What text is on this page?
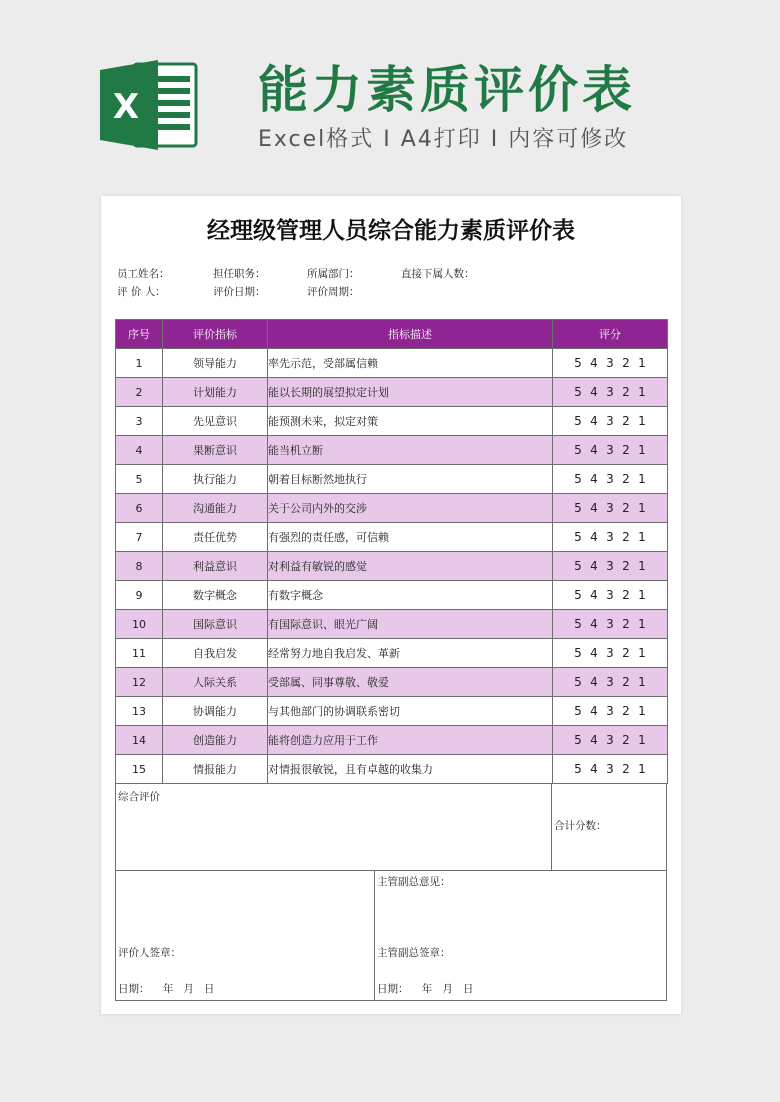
X 能力素质评价表
Excel格式 I A4打印 I 内容可修改
经理级管理人员综合能力素质评价表
员工姓名：	担任职务：	所属部门：	直接下属人数：
评 价 人：	评价日期：	评价周期：
序号	评价指标	指标描述	评分
1	领导能力	率先示范，受部属信赖	5 4 3 2 1
2	计划能力	能以长期的展望拟定计划	5 4 3 2 1
3	先见意识	能预测未来，拟定对策	5 4 3 2 1
4	果断意识	能当机立断	5 4 3 2 1
5	执行能力	朝着目标断然地执行	5 4 3 2 1
6	沟通能力	关于公司内外的交涉	5 4 3 2 1
7	责任优势	有强烈的责任感，可信赖	5 4 3 2 1
8	利益意识	对利益有敏锐的感觉	5 4 3 2 1
9	数字概念	有数字概念	5 4 3 2 1
10	国际意识	有国际意识、眼光广阔	5 4 3 2 1
11	自我启发	经常努力地自我启发、革新	5 4 3 2 1
12	人际关系	受部属、同事尊敬、敬爱	5 4 3 2 1
13	协调能力	与其他部门的协调联系密切	5 4 3 2 1
14	创造能力	能将创造力应用于工作	5 4 3 2 1
15	情报能力	对情报很敏锐，且有卓越的收集力	5 4 3 2 1
综合评价
合计分数：
主管副总意见：
评价人签章：	主管副总签章：
日期：    年   月   日	日期：    年   月   日
